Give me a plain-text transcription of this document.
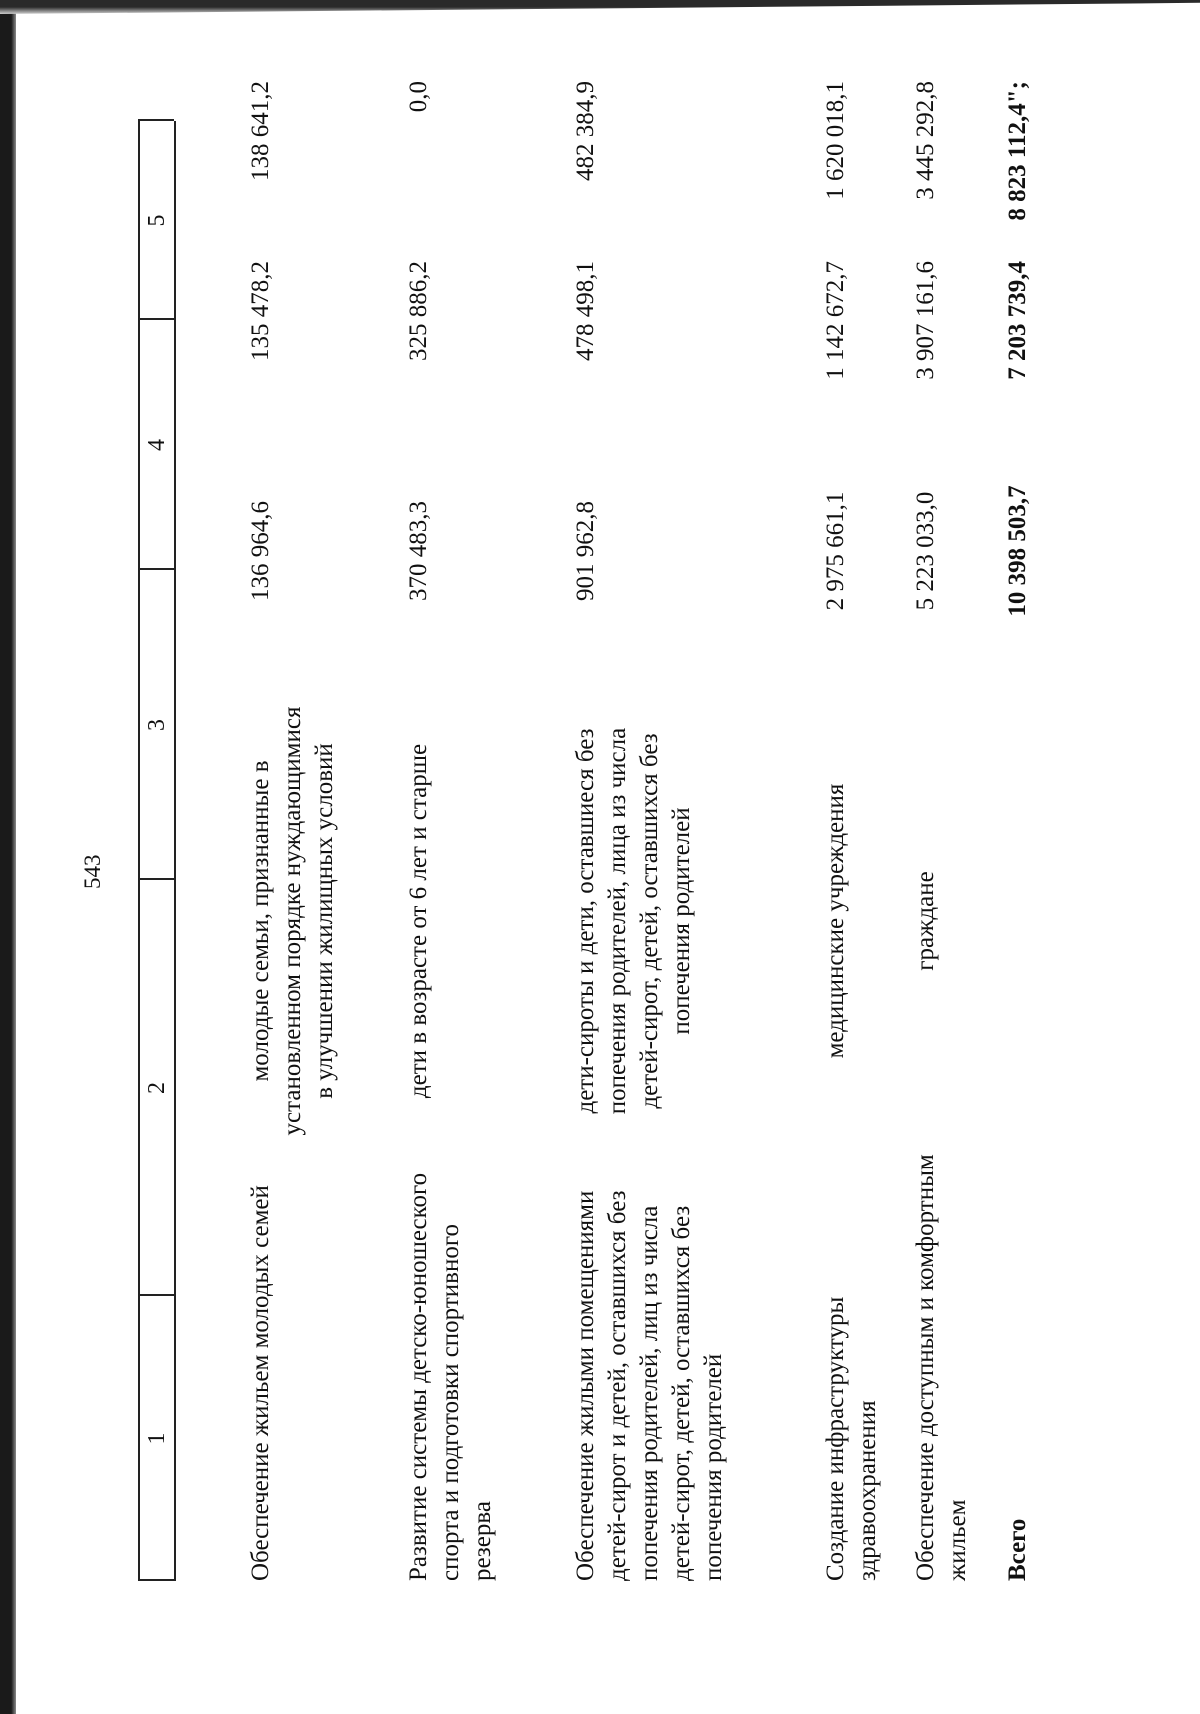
543
1
2
3
4
5
Обеспечение жильем молодых семей
молодые семьи, признанные в установленном порядке нуждающимися в улучшении жилищных условий
136 964,6
135 478,2
138 641,2
Развитие системы детско-юношеского спорта и подготовки спортивного резерва
дети в возрасте от 6 лет и старше
370 483,3
325 886,2
0,0
Обеспечение жилыми помещениями детей-сирот и детей, оставшихся без попечения родителей, лиц из числа детей-сирот, детей, оставшихся без попечения родителей
дети-сироты и дети, оставшиеся без попечения родителей, лица из числа детей-сирот, детей, оставшихся без попечения родителей
901 962,8
478 498,1
482 384,9
Создание инфраструктуры здравоохранения
медицинские учреждения
2 975 661,1
1 142 672,7
1 620 018,1
Обеспечение доступным и комфортным жильем
граждане
5 223 033,0
3 907 161,6
3 445 292,8
Всего
10 398 503,7
7 203 739,4
8 823 112,4";
